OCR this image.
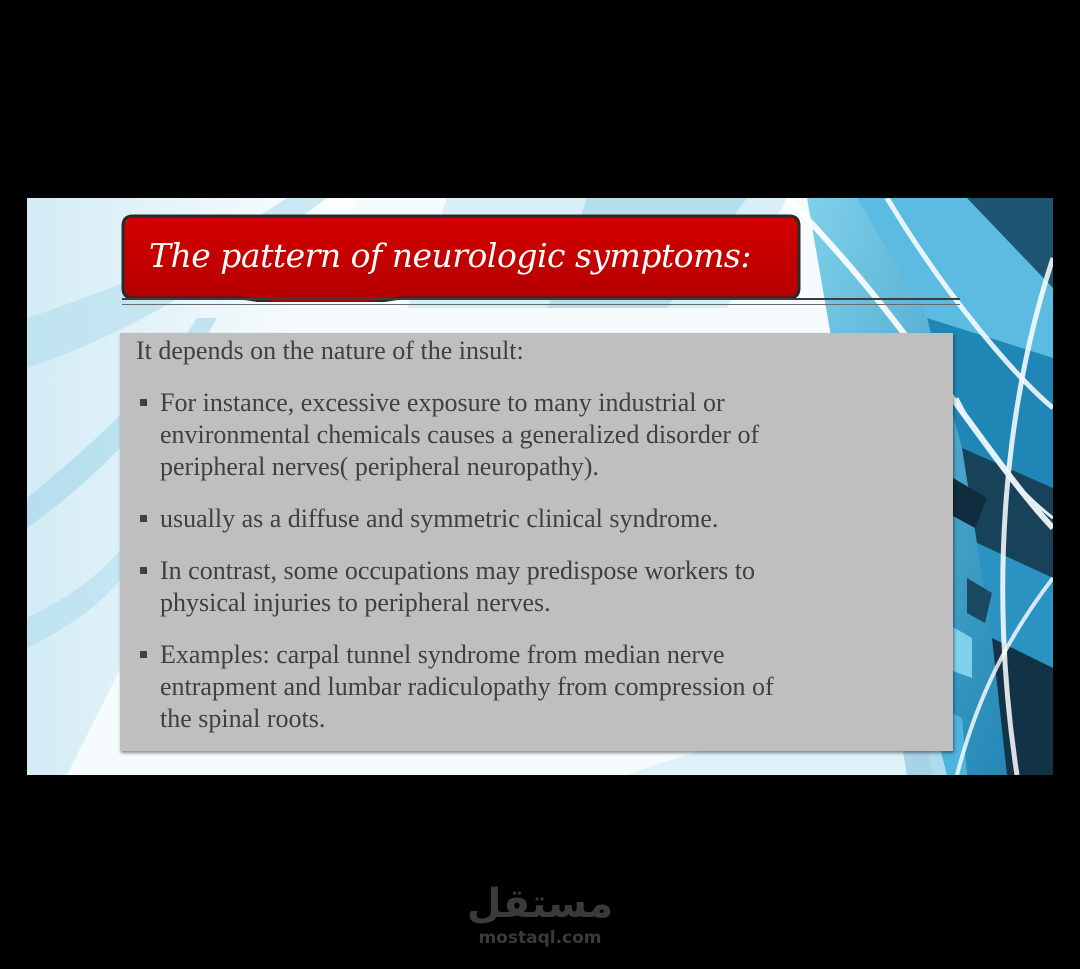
The pattern of neurologic symptoms:
It depends on the nature of the insult:
For instance, excessive exposure to many industrial or
environmental chemicals causes a generalized disorder of
peripheral nerves( peripheral neuropathy).
usually as a diffuse and symmetric clinical syndrome.
In contrast, some occupations may predispose workers to
physical injuries to peripheral nerves.
Examples: carpal tunnel syndrome from median nerve
entrapment and lumbar radiculopathy from compression of
the spinal roots.
مستقل
mostaql.com
